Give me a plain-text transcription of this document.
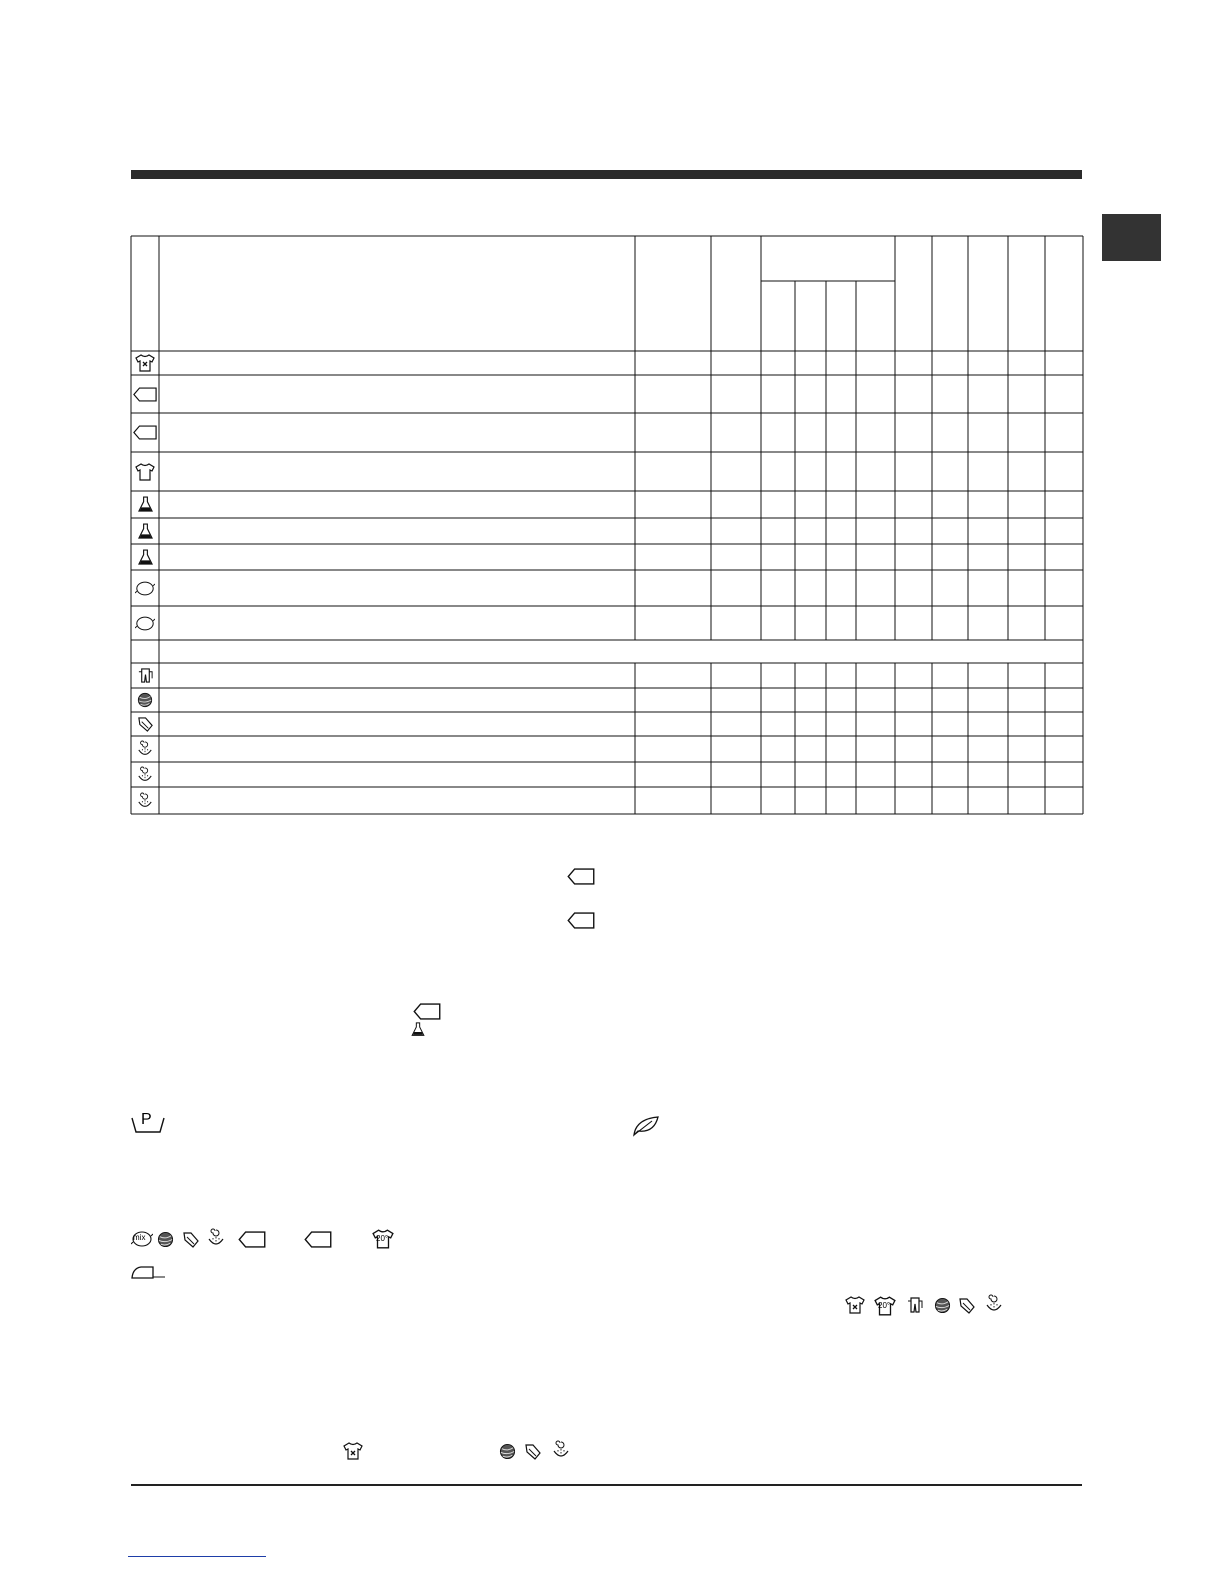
P
mix	20°
20°
